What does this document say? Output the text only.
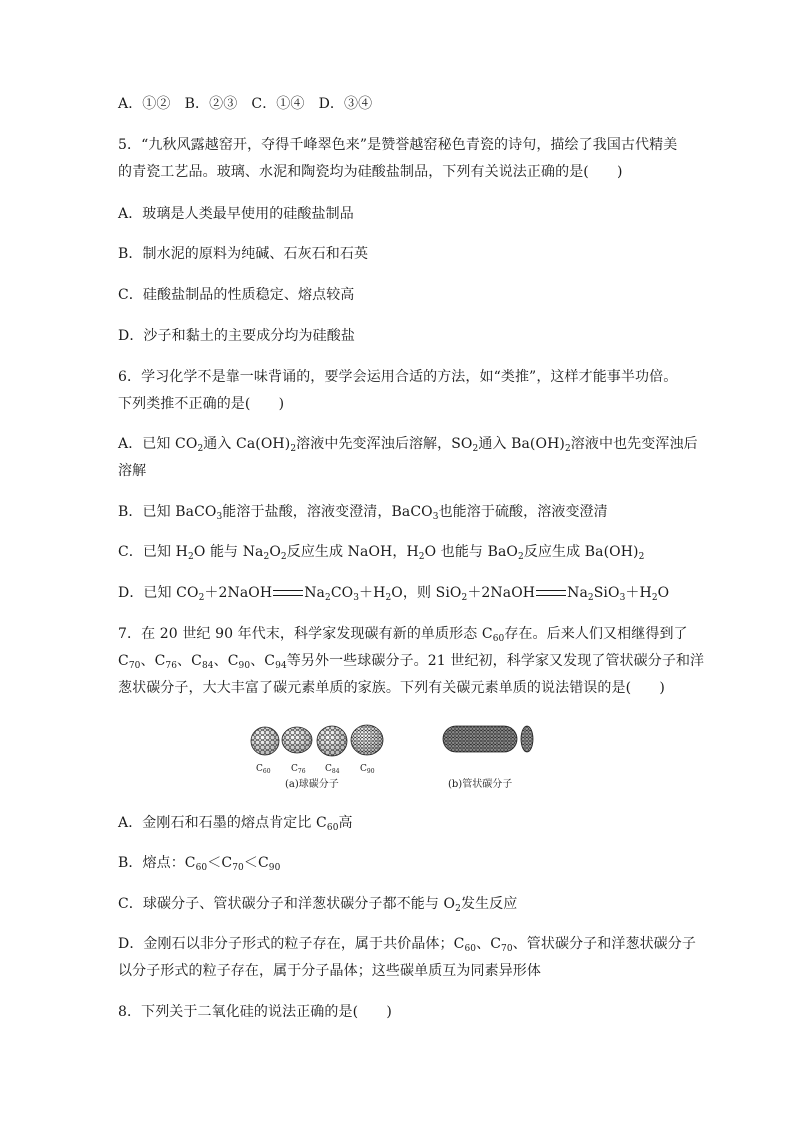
A．①②　B．②③　C．①④　D．③④
5．“九秋风露越窑开，夺得千峰翠色来”是赞誉越窑秘色青瓷的诗句，描绘了我国古代精美
的青瓷工艺品。玻璃、水泥和陶瓷均为硅酸盐制品，下列有关说法正确的是(　　)
A．玻璃是人类最早使用的硅酸盐制品
B．制水泥的原料为纯碱、石灰石和石英
C．硅酸盐制品的性质稳定、熔点较高
D．沙子和黏土的主要成分均为硅酸盐
6．学习化学不是靠一味背诵的，要学会运用合适的方法，如“类推”，这样才能事半功倍。
下列类推不正确的是(　　)
A．已知 $CO_2$通入 $Ca(OH)_2$溶液中先变浑浊后溶解，$SO_2$通入 $Ba(OH)_2$溶液中也先变浑浊后
溶解
B．已知 BaCO$_3$能溶于盐酸，溶液变澄清，BaCO$_3$也能溶于硫酸，溶液变澄清
C．已知 $H_2O$ 能与 $Na_2O_2$反应生成 NaOH，$H_2O$ 也能与 BaO$_2$反应生成 $Ba(OH)_2$
D．已知 $CO_2+2NaOH$ $Na_2CO_3+H_2O$，则 SiO$_2$＋2NaOH $Na_2SiO_3+H_2O$
7．在 20 世纪 90 年代末，科学家发现碳有新的单质形态 $C_{60}$存在。后来人们又相继得到了
$C_{70}$、$C_{76}$、$C_{84}$、$C_{90}$、$C_{94}$等另外一些球碳分子。21 世纪初，科学家又发现了管状碳分子和洋
葱状碳分子，大大丰富了碳元素单质的家族。下列有关碳元素单质的说法错误的是(　　)
$C_{60}$ $C_{76}$ $C_{84}$ $C_{90}$
(a)球碳分子	(b)管状碳分子
A．金刚石和石墨的熔点肯定比 $C_{60}$高
B．熔点：$C_{60}<C_{70}<C_{90}$
C．球碳分子、管状碳分子和洋葱状碳分子都不能与 $O_2$发生反应
D．金刚石以非分子形式的粒子存在，属于共价晶体；$C_{60}$、$C_{70}$、管状碳分子和洋葱状碳分子
以分子形式的粒子存在，属于分子晶体；这些碳单质互为同素异形体
8．下列关于二氧化硅的说法正确的是(　　)
